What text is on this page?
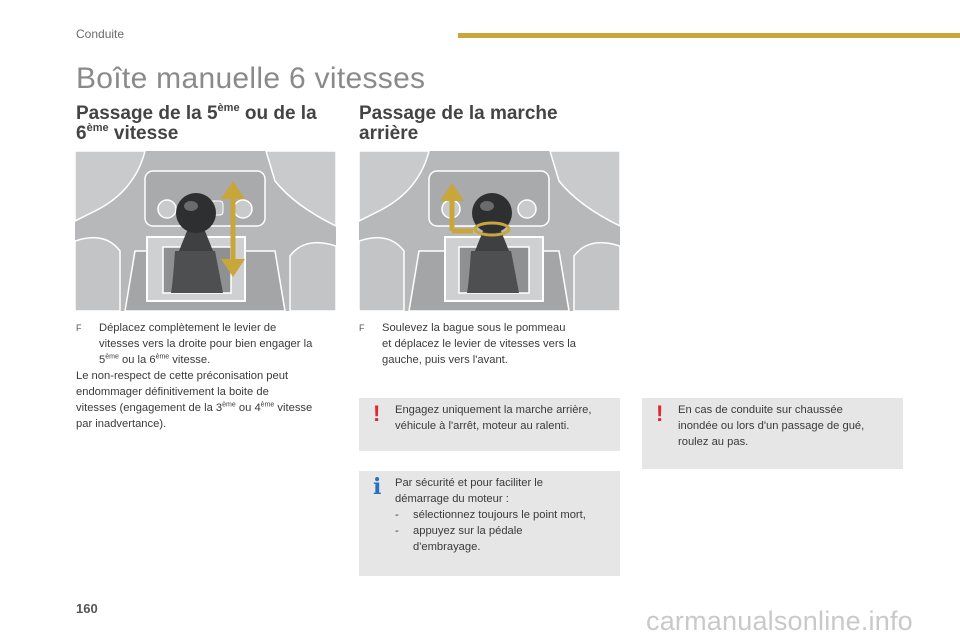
Conduite
Boîte manuelle 6 vitesses
Passage de la 5ème ou de la
6ème vitesse
F Déplacez complètement le levier de
vitesses vers la droite pour bien engager la
5ème ou la 6ème vitesse.
Le non-respect de cette préconisation peut
endommager définitivement la boite de
vitesses (engagement de la 3ème ou 4ème vitesse
par inadvertance).
Passage de la marche
arrière
F Soulevez la bague sous le pommeau
et déplacez le levier de vitesses vers la
gauche, puis vers l'avant.
! Engagez uniquement la marche arrière,
véhicule à l'arrêt, moteur au ralenti.	! En cas de conduite sur chaussée
inondée ou lors d'un passage de gué,
roulez au pas.
i Par sécurité et pour faciliter le
démarrage du moteur :
- sélectionnez toujours le point mort,
- appuyez sur la pédale
d'embrayage.
160	carmanualsonline.info
